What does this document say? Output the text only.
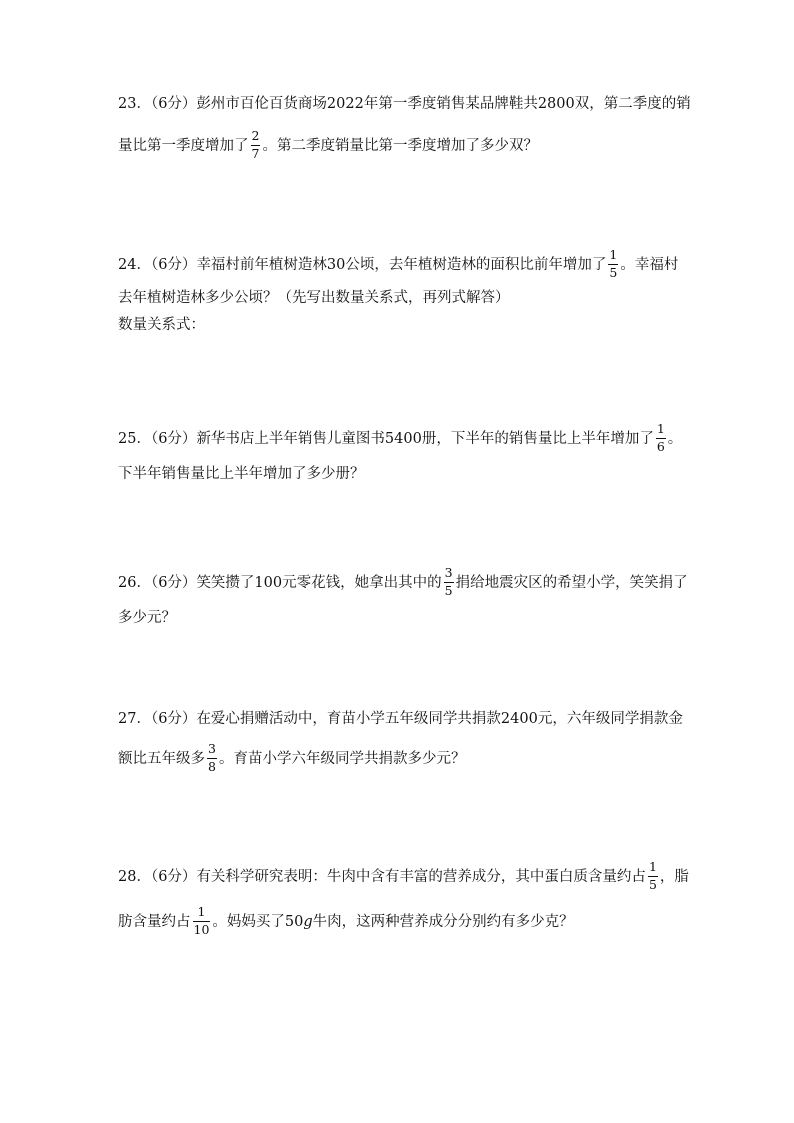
23．（6分）彭州市百伦百货商场2022年第一季度销售某品牌鞋共2800双，第二季度的销
量比第一季度增加了 $\frac{2}{7}$ 。第二季度销量比第一季度增加了多少双？
24．（6分）幸福村前年植树造林30公顷，去年植树造林的面积比前年增加了 $\frac{1}{5}$ 。幸福村
去年植树造林多少公顷？（先写出数量关系式，再列式解答）
数量关系式：
25．（6分）新华书店上半年销售儿童图书5400册，下半年的销售量比上半年增加了 $\frac{1}{6}$ 。
下半年销售量比上半年增加了多少册？
26．（6分）笑笑攒了100元零花钱，她拿出其中的 $\frac{3}{5}$ 捐给地震灾区的希望小学，笑笑捐了
多少元？
27．（6分）在爱心捐赠活动中，育苗小学五年级同学共捐款2400元，六年级同学捐款金
额比五年级多 $\frac{3}{8}$ 。育苗小学六年级同学共捐款多少元？
28．（6分）有关科学研究表明：牛肉中含有丰富的营养成分，其中蛋白质含量约占 $\frac{1}{5}$ ，脂
肪含量约占 $\frac{1}{10}$ 。妈妈买了50g牛肉，这两种营养成分分别约有多少克？
